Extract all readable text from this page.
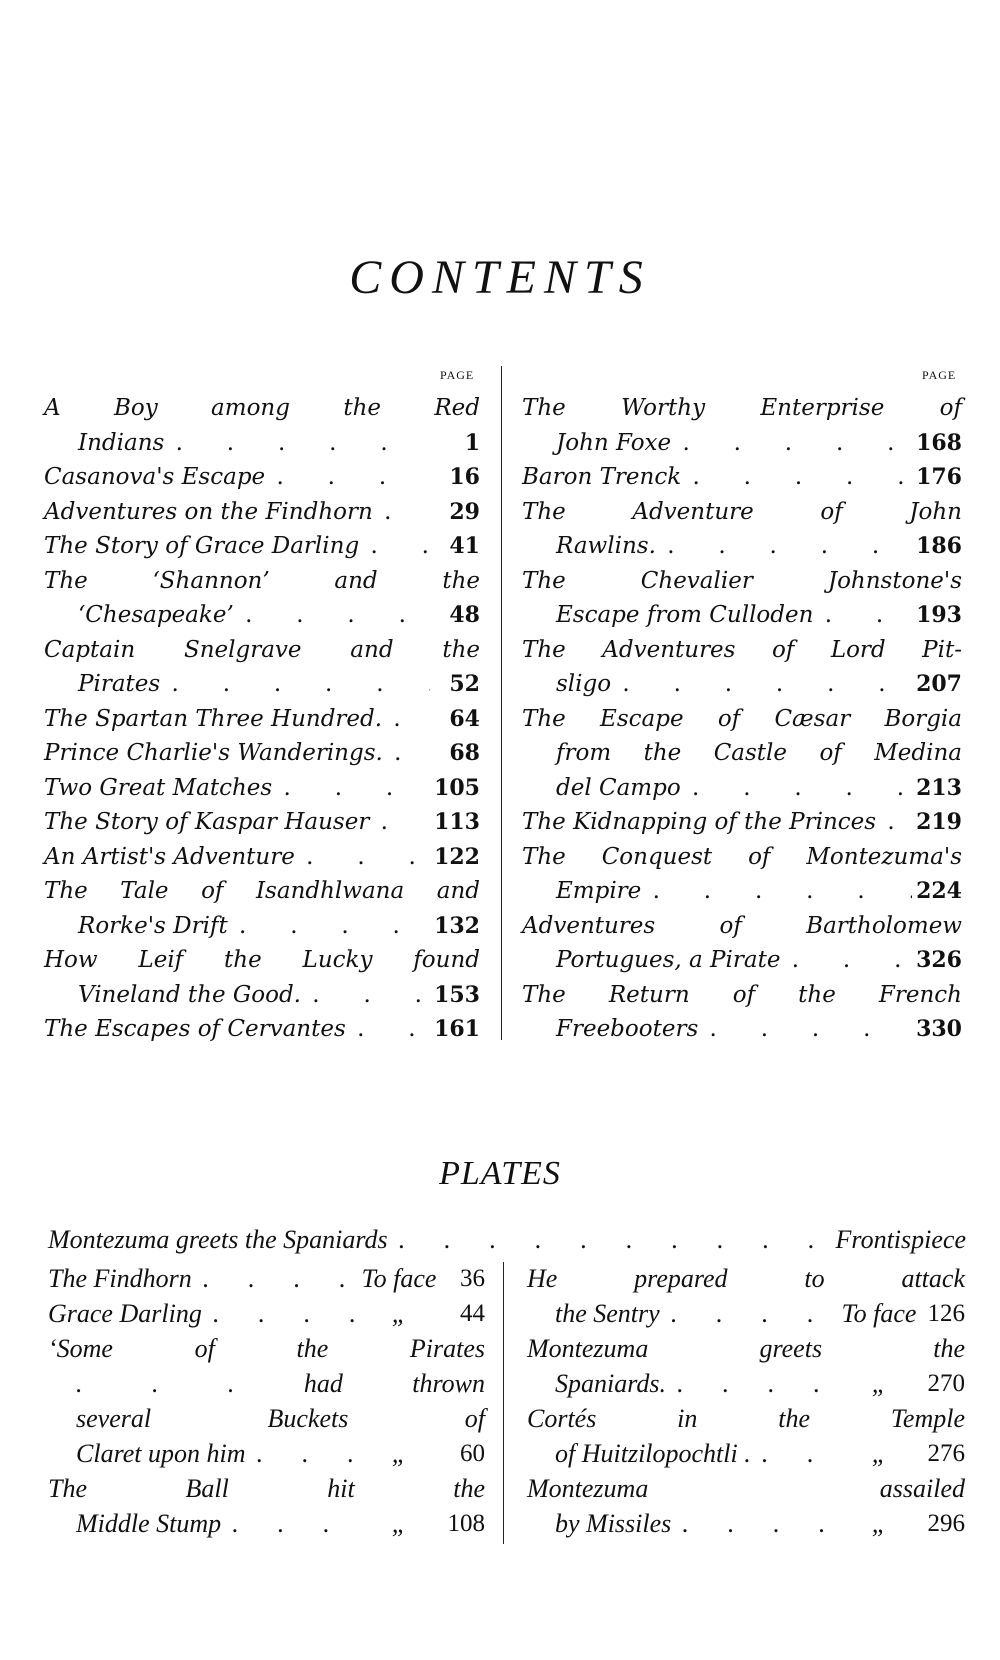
CONTENTS
PAGE	PAGE
A Boy among the Red
Indians .	1
Casanova's Escape .	16
Adventures on the Findhorn .	29
The Story of Grace Darling .	41
The ‘Shannon’ and the
‘Chesapeake’ .	48
Captain Snelgrave and the
Pirates .	52
The Spartan Three Hundred. .	64
Prince Charlie's Wanderings. .	68
Two Great Matches .	105
The Story of Kaspar Hauser .	113
An Artist's Adventure .	122
The Tale of Isandhlwana and
Rorke's Drift .	132
How Leif the Lucky found
Vineland the Good. .	153
The Escapes of Cervantes .	161
The Worthy Enterprise of
John Foxe .	168
Baron Trenck .	176
The Adventure of John
Rawlins. .	186
The Chevalier Johnstone's
Escape from Culloden .	193
The Adventures of Lord Pit-
sligo .	207
The Escape of Cæsar Borgia
from the Castle of Medina
del Campo .	213
The Kidnapping of the Princes . 219
The Conquest of Montezuma's
Empire .	224
Adventures of Bartholomew
Portugues, a Pirate .	326
The Return of the French
Freebooters .	330
PLATES
Montezuma greets the Spaniards .	Frontispiece
The Findhorn .	To face 36
Grace Darling .	„	44
‘Some of the Pirates
. . . had thrown
several Buckets of
Claret upon him .	„	60
The Ball hit the
Middle Stump .	„	108
He prepared to attack
the Sentry .	To face 126
Montezuma greets the
Spaniards. .	„	270
Cortés in the Temple
of Huitzilopochtli . .	„	276
Montezuma assailed
by Missiles .	„	296
